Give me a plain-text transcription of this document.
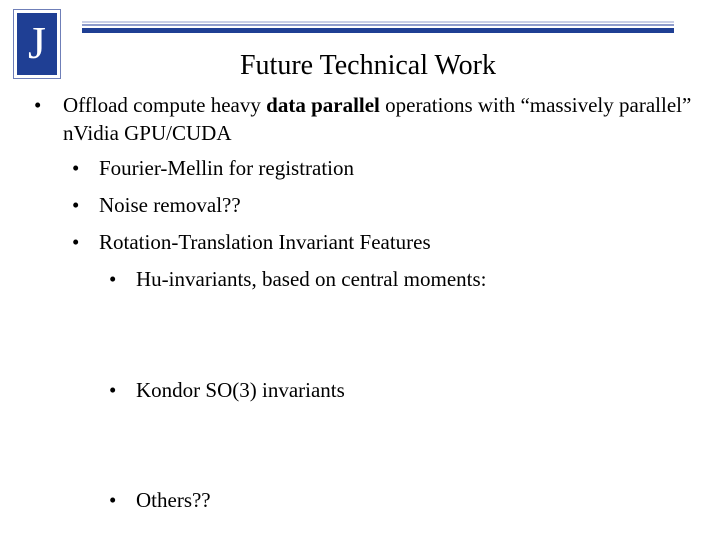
J	Future Technical Work
• Offload compute heavy data parallel operations with “massively parallel” nVidia GPU/CUDA
• Fourier-Mellin for registration
• Noise removal??
• Rotation-Translation Invariant Features
• Hu-invariants, based on central moments:
• Kondor SO(3) invariants
• Others??
